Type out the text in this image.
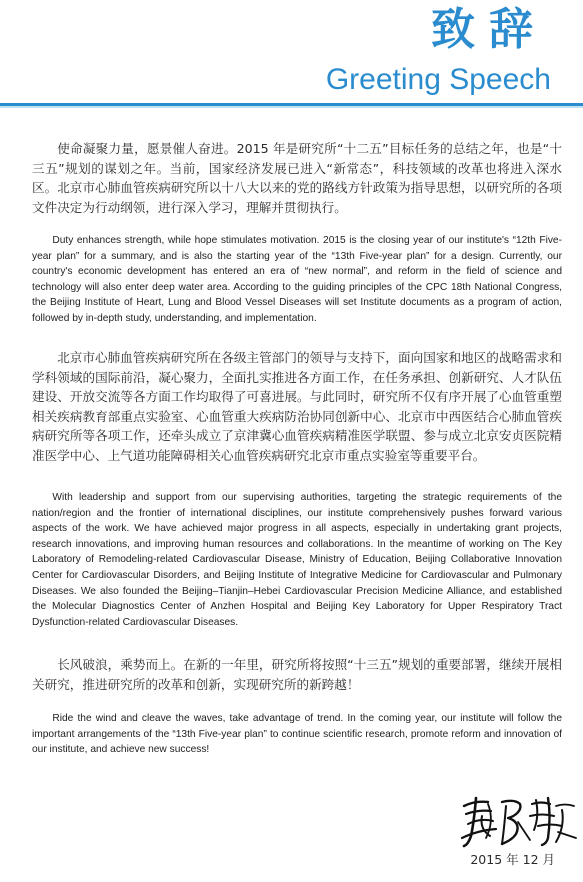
致辞
Greeting Speech

使命凝聚力量，愿景催人奋进。2015 年是研究所“十二五”目标任务的总结之年，也是“十三五”规划的谋划之年。当前，国家经济发展已进入“新常态”，科技领域的改革也将进入深水区。北京市心肺血管疾病研究所以十八大以来的党的路线方针政策为指导思想，以研究所的各项文件决定为行动纲领，进行深入学习，理解并贯彻执行。

Duty enhances strength, while hope stimulates motivation. 2015 is the closing year of our institute's “12th Five-year plan” for a summary, and is also the starting year of the “13th Five-year plan” for a design. Currently, our country's economic development has entered an era of “new normal”, and reform in the field of science and technology will also enter deep water area. According to the guiding principles of the CPC 18th National Congress, the Beijing Institute of Heart, Lung and Blood Vessel Diseases will set Institute documents as a program of action, followed by in-depth study, understanding, and implementation.

北京市心肺血管疾病研究所在各级主管部门的领导与支持下，面向国家和地区的战略需求和学科领域的国际前沿，凝心聚力，全面扎实推进各方面工作，在任务承担、创新研究、人才队伍建设、开放交流等各方面工作均取得了可喜进展。与此同时，研究所不仅有序开展了心血管重塑相关疾病教育部重点实验室、心血管重大疾病防治协同创新中心、北京市中西医结合心肺血管疾病研究所等各项工作，还牵头成立了京津冀心血管疾病精准医学联盟、参与成立北京安贞医院精准医学中心、上气道功能障碍相关心血管疾病研究北京市重点实验室等重要平台。

With leadership and support from our supervising authorities, targeting the strategic requirements of the nation/region and the frontier of international disciplines, our institute comprehensively pushes forward various aspects of the work. We have achieved major progress in all aspects, especially in undertaking grant projects, research innovations, and improving human resources and collaborations. In the meantime of working on The Key Laboratory of Remodeling-related Cardiovascular Disease, Ministry of Education, Beijing Collaborative Innovation Center for Cardiovascular Disorders, and Beijing Institute of Integrative Medicine for Cardiovascular and Pulmonary Diseases. We also founded the Beijing–Tianjin–Hebei Cardiovascular Precision Medicine Alliance, and established the Molecular Diagnostics Center of Anzhen Hospital and Beijing Key Laboratory for Upper Respiratory Tract Dysfunction-related Cardiovascular Diseases.

长风破浪，乘势而上。在新的一年里，研究所将按照“十三五”规划的重要部署，继续开展相关研究，推进研究所的改革和创新，实现研究所的新跨越！

Ride the wind and cleave the waves, take advantage of trend. In the coming year, our institute will follow the important arrangements of the “13th Five-year plan” to continue scientific research, promote reform and innovation of our institute, and achieve new success!

2015 年 12 月
